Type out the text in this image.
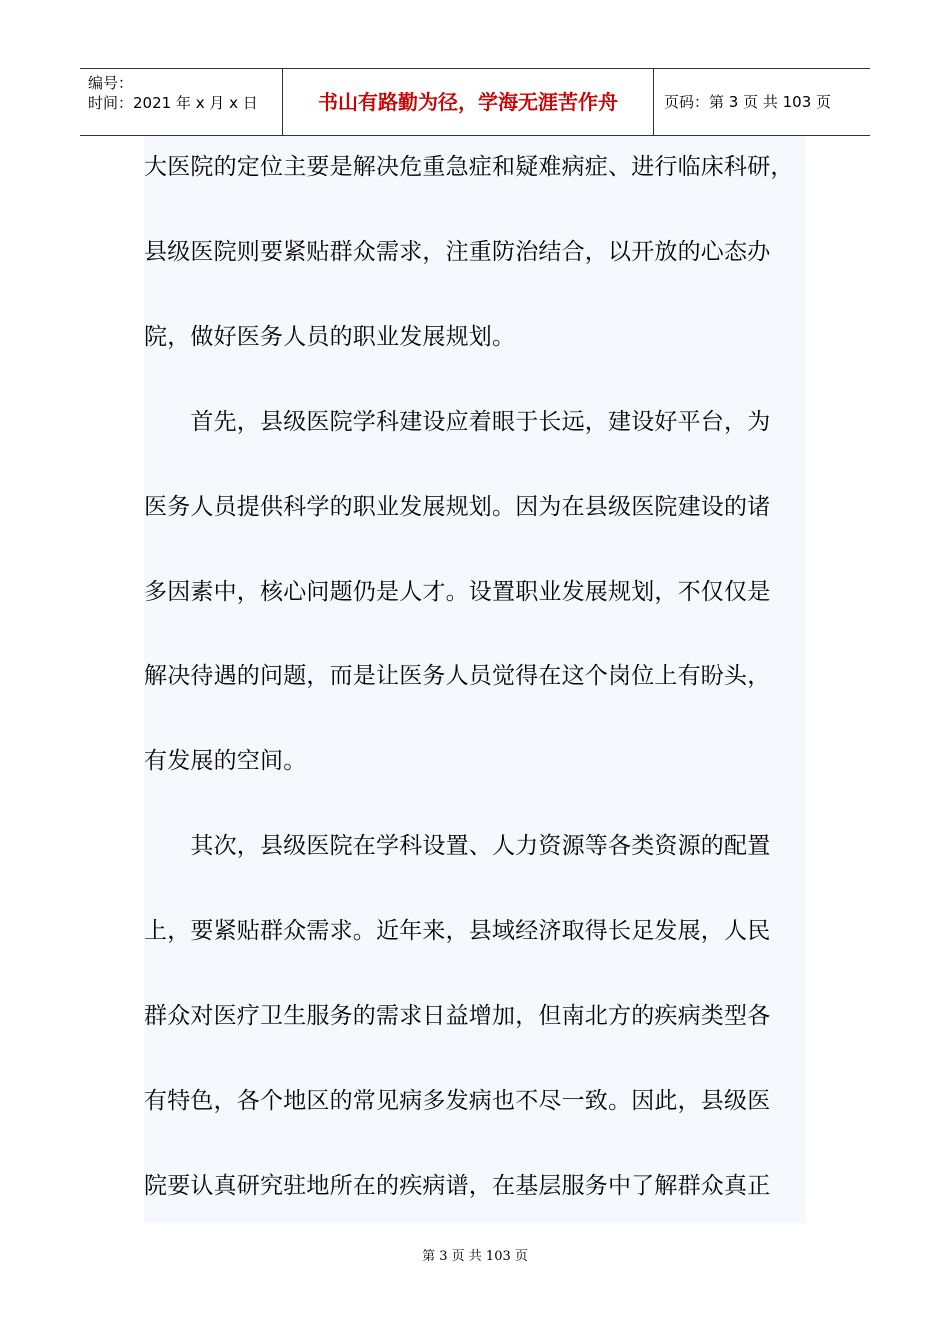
编号：
时间：2021 年 x 月 x 日	书山有路勤为径，学海无涯苦作舟	页码：第 3 页 共 103 页
大医院的定位主要是解决危重急症和疑难病症、进行临床科研，
县级医院则要紧贴群众需求，注重防治结合，以开放的心态办
院，做好医务人员的职业发展规划。
　　首先，县级医院学科建设应着眼于长远，建设好平台，为
医务人员提供科学的职业发展规划。因为在县级医院建设的诸
多因素中，核心问题仍是人才。设置职业发展规划，不仅仅是
解决待遇的问题，而是让医务人员觉得在这个岗位上有盼头，
有发展的空间。
　　其次，县级医院在学科设置、人力资源等各类资源的配置
上，要紧贴群众需求。近年来，县域经济取得长足发展，人民
群众对医疗卫生服务的需求日益增加，但南北方的疾病类型各
有特色，各个地区的常见病多发病也不尽一致。因此，县级医
院要认真研究驻地所在的疾病谱，在基层服务中了解群众真正
第 3 页 共 103 页
